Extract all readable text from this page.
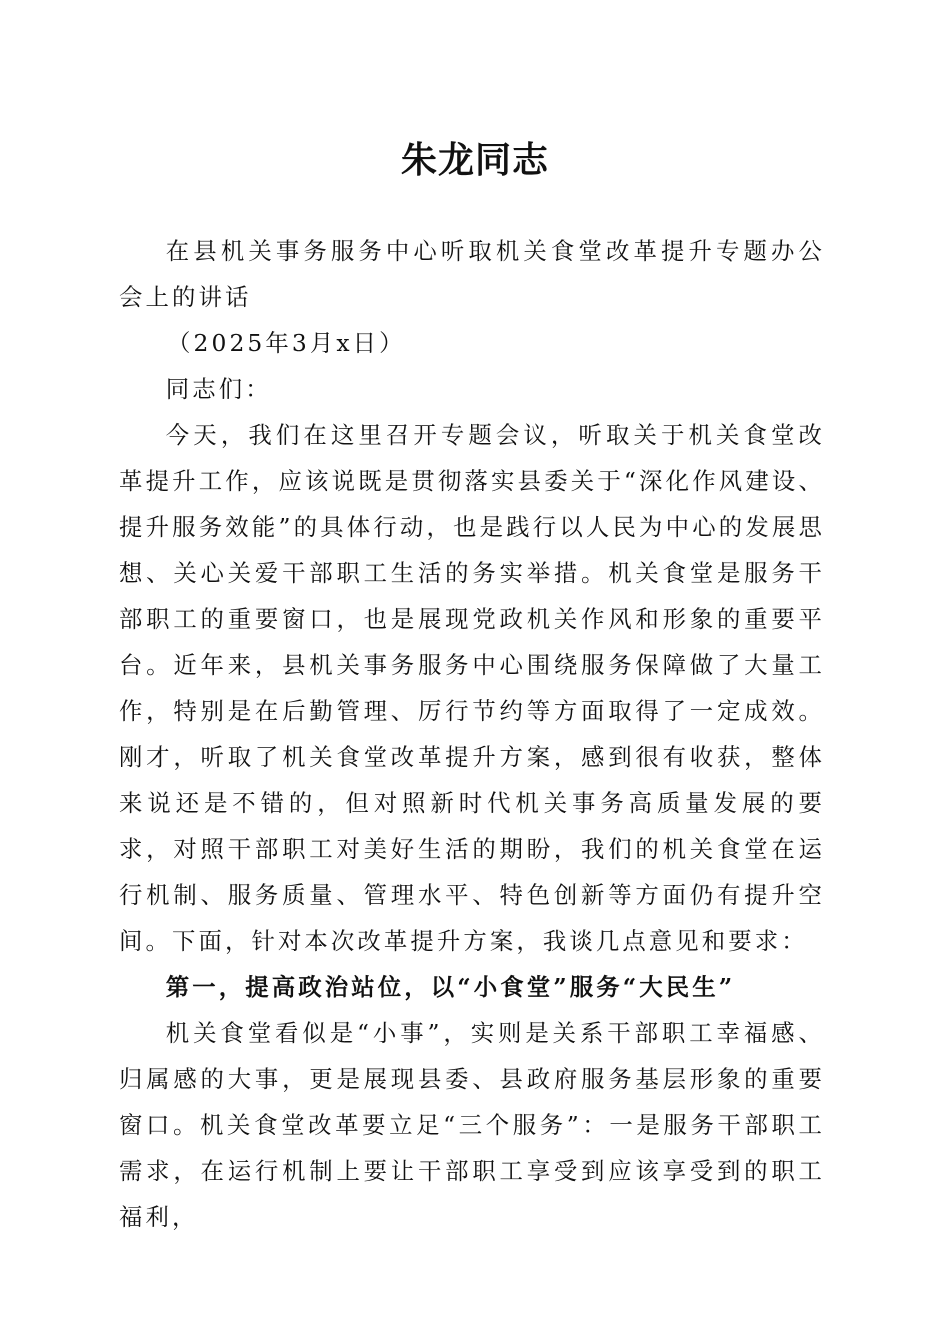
朱龙同志

在县机关事务服务中心听取机关食堂改革提升专题办公会上的讲话

（2025年3月x日）

同志们：

今天，我们在这里召开专题会议，听取关于机关食堂改革提升工作，应该说既是贯彻落实县委关于“深化作风建设、提升服务效能”的具体行动，也是践行以人民为中心的发展思想、关心关爱干部职工生活的务实举措。机关食堂是服务干部职工的重要窗口，也是展现党政机关作风和形象的重要平台。近年来，县机关事务服务中心围绕服务保障做了大量工作，特别是在后勤管理、厉行节约等方面取得了一定成效。刚才，听取了机关食堂改革提升方案，感到很有收获，整体来说还是不错的，但对照新时代机关事务高质量发展的要求，对照干部职工对美好生活的期盼，我们的机关食堂在运行机制、服务质量、管理水平、特色创新等方面仍有提升空间。下面，针对本次改革提升方案，我谈几点意见和要求：

第一，提高政治站位，以“小食堂”服务“大民生”

机关食堂看似是“小事”，实则是关系干部职工幸福感、归属感的大事，更是展现县委、县政府服务基层形象的重要窗口。机关食堂改革要立足“三个服务”：一是服务干部职工需求，在运行机制上要让干部职工享受到应该享受到的职工福利，
